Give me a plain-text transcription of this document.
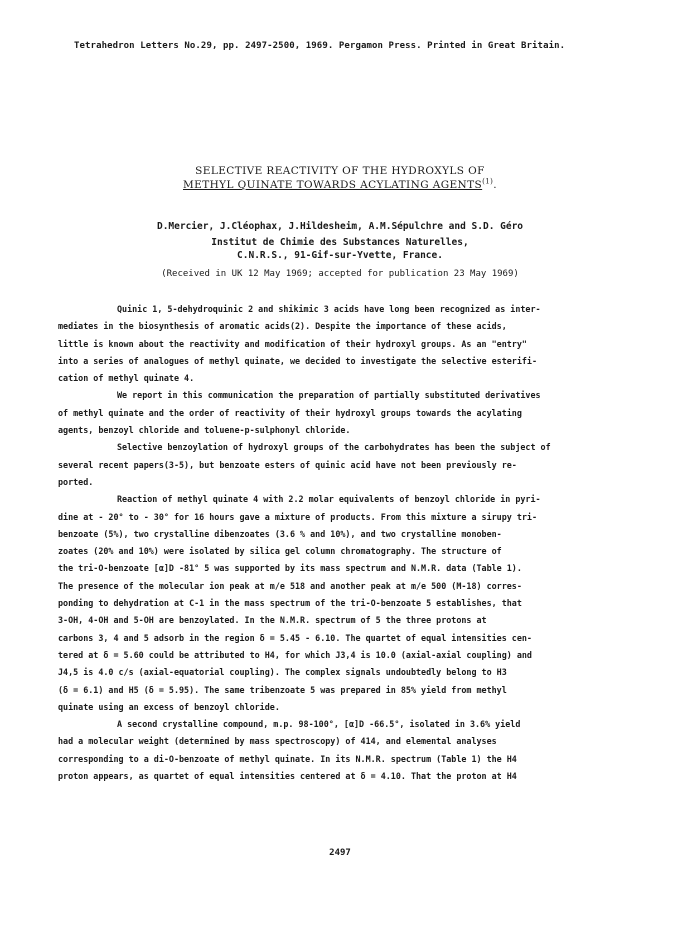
Tetrahedron Letters No.29, pp. 2497-2500, 1969. Pergamon Press. Printed in Great Britain.
SELECTIVE REACTIVITY OF THE HYDROXYLS OF
METHYL QUINATE TOWARDS ACYLATING AGENTS$^{(1)}$.
D.Mercier, J.Cléophax, J.Hildesheim, A.M.Sépulchre and S.D. Géro
Institut de Chimie des Substances Naturelles,
C.N.R.S., 91-Gif-sur-Yvette, France.
(Received in UK 12 May 1969; accepted for publication 23 May 1969)
Quinic 1, 5-dehydroquinic 2 and shikimic 3 acids have long been recognized as inter-
mediates in the biosynthesis of aromatic acids(2). Despite the importance of these acids,
little is known about the reactivity and modification of their hydroxyl groups. As an "entry"
into a series of analogues of methyl quinate, we decided to investigate the selective esterifi-
cation of methyl quinate 4.
We report in this communication the preparation of partially substituted derivatives
of methyl quinate and the order of reactivity of their hydroxyl groups towards the acylating
agents, benzoyl chloride and toluene-p-sulphonyl chloride.
Selective benzoylation of hydroxyl groups of the carbohydrates has been the subject of
several recent papers(3-5), but benzoate esters of quinic acid have not been previously re-
ported.
Reaction of methyl quinate 4 with 2.2 molar equivalents of benzoyl chloride in pyri-
dine at - 20° to - 30° for 16 hours gave a mixture of products. From this mixture a sirupy tri-
benzoate (5%), two crystalline dibenzoates (3.6 % and 10%), and two crystalline monoben-
zoates (20% and 10%) were isolated by silica gel column chromatography. The structure of
the tri-O-benzoate [α]D -81° 5 was supported by its mass spectrum and N.M.R. data (Table 1).
The presence of the molecular ion peak at m/e 518 and another peak at m/e 500 (M-18) corres-
ponding to dehydration at C-1 in the mass spectrum of the tri-O-benzoate 5 establishes, that
3-OH, 4-OH and 5-OH are benzoylated. In the N.M.R. spectrum of 5 the three protons at
carbons 3, 4 and 5 adsorb in the region δ = 5.45 - 6.10. The quartet of equal intensities cen-
tered at δ = 5.60 could be attributed to H4, for which J3,4 is 10.0 (axial-axial coupling) and
J4,5 is 4.0 c/s (axial-equatorial coupling). The complex signals undoubtedly belong to H3
(δ = 6.1) and H5 (δ = 5.95). The same tribenzoate 5 was prepared in 85% yield from methyl
quinate using an excess of benzoyl chloride.
A second crystalline compound, m.p. 98-100°, [α]D -66.5°, isolated in 3.6% yield
had a molecular weight (determined by mass spectroscopy) of 414, and elemental analyses
corresponding to a di-O-benzoate of methyl quinate. In its N.M.R. spectrum (Table 1) the H4
proton appears, as quartet of equal intensities centered at δ = 4.10. That the proton at H4
2497
